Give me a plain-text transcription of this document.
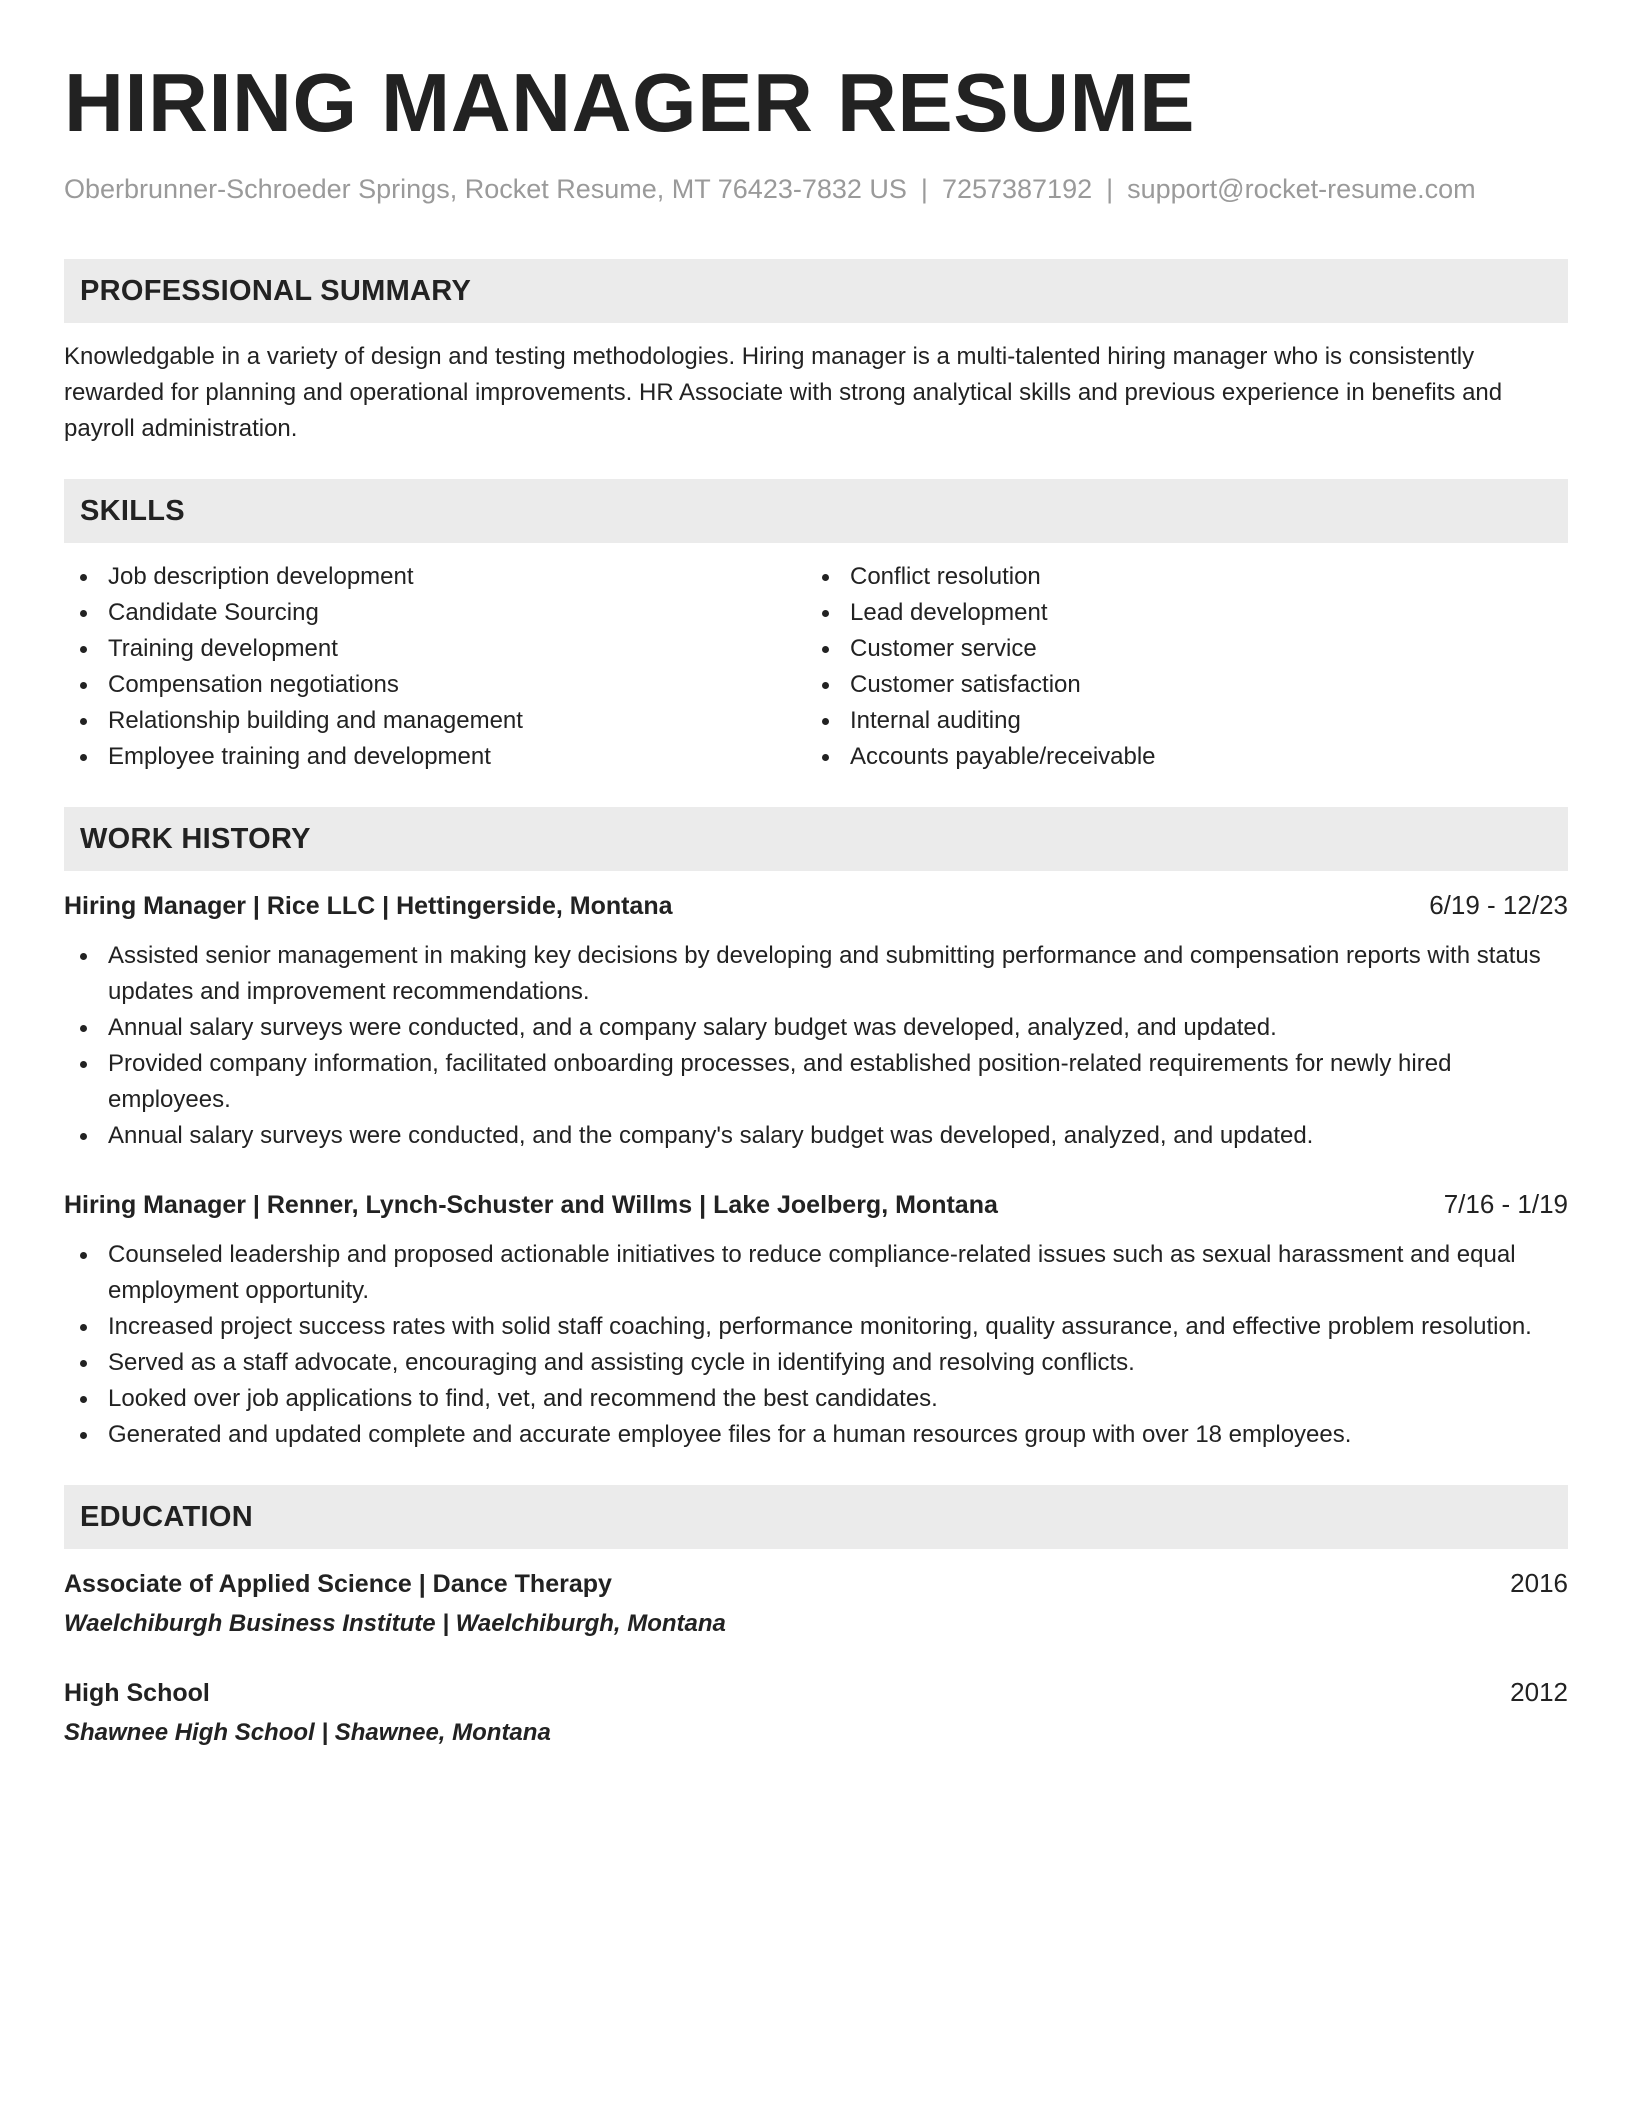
HIRING MANAGER RESUME
Oberbrunner-Schroeder Springs, Rocket Resume, MT 76423-7832 US | 7257387192 | support@rocket-resume.com
PROFESSIONAL SUMMARY
Knowledgable in a variety of design and testing methodologies. Hiring manager is a multi-talented hiring manager who is consistently rewarded for planning and operational improvements. HR Associate with strong analytical skills and previous experience in benefits and payroll administration.
SKILLS
Job description development
Candidate Sourcing
Training development
Compensation negotiations
Relationship building and management
Employee training and development
Conflict resolution
Lead development
Customer service
Customer satisfaction
Internal auditing
Accounts payable/receivable
WORK HISTORY
Hiring Manager | Rice LLC | Hettingerside, Montana	6/19 - 12/23
Assisted senior management in making key decisions by developing and submitting performance and compensation reports with status updates and improvement recommendations.
Annual salary surveys were conducted, and a company salary budget was developed, analyzed, and updated.
Provided company information, facilitated onboarding processes, and established position-related requirements for newly hired employees.
Annual salary surveys were conducted, and the company's salary budget was developed, analyzed, and updated.
Hiring Manager | Renner, Lynch-Schuster and Willms | Lake Joelberg, Montana	7/16 - 1/19
Counseled leadership and proposed actionable initiatives to reduce compliance-related issues such as sexual harassment and equal employment opportunity.
Increased project success rates with solid staff coaching, performance monitoring, quality assurance, and effective problem resolution.
Served as a staff advocate, encouraging and assisting cycle in identifying and resolving conflicts.
Looked over job applications to find, vet, and recommend the best candidates.
Generated and updated complete and accurate employee files for a human resources group with over 18 employees.
EDUCATION
Associate of Applied Science | Dance Therapy	2016
Waelchiburgh Business Institute | Waelchiburgh, Montana
High School	2012
Shawnee High School | Shawnee, Montana
